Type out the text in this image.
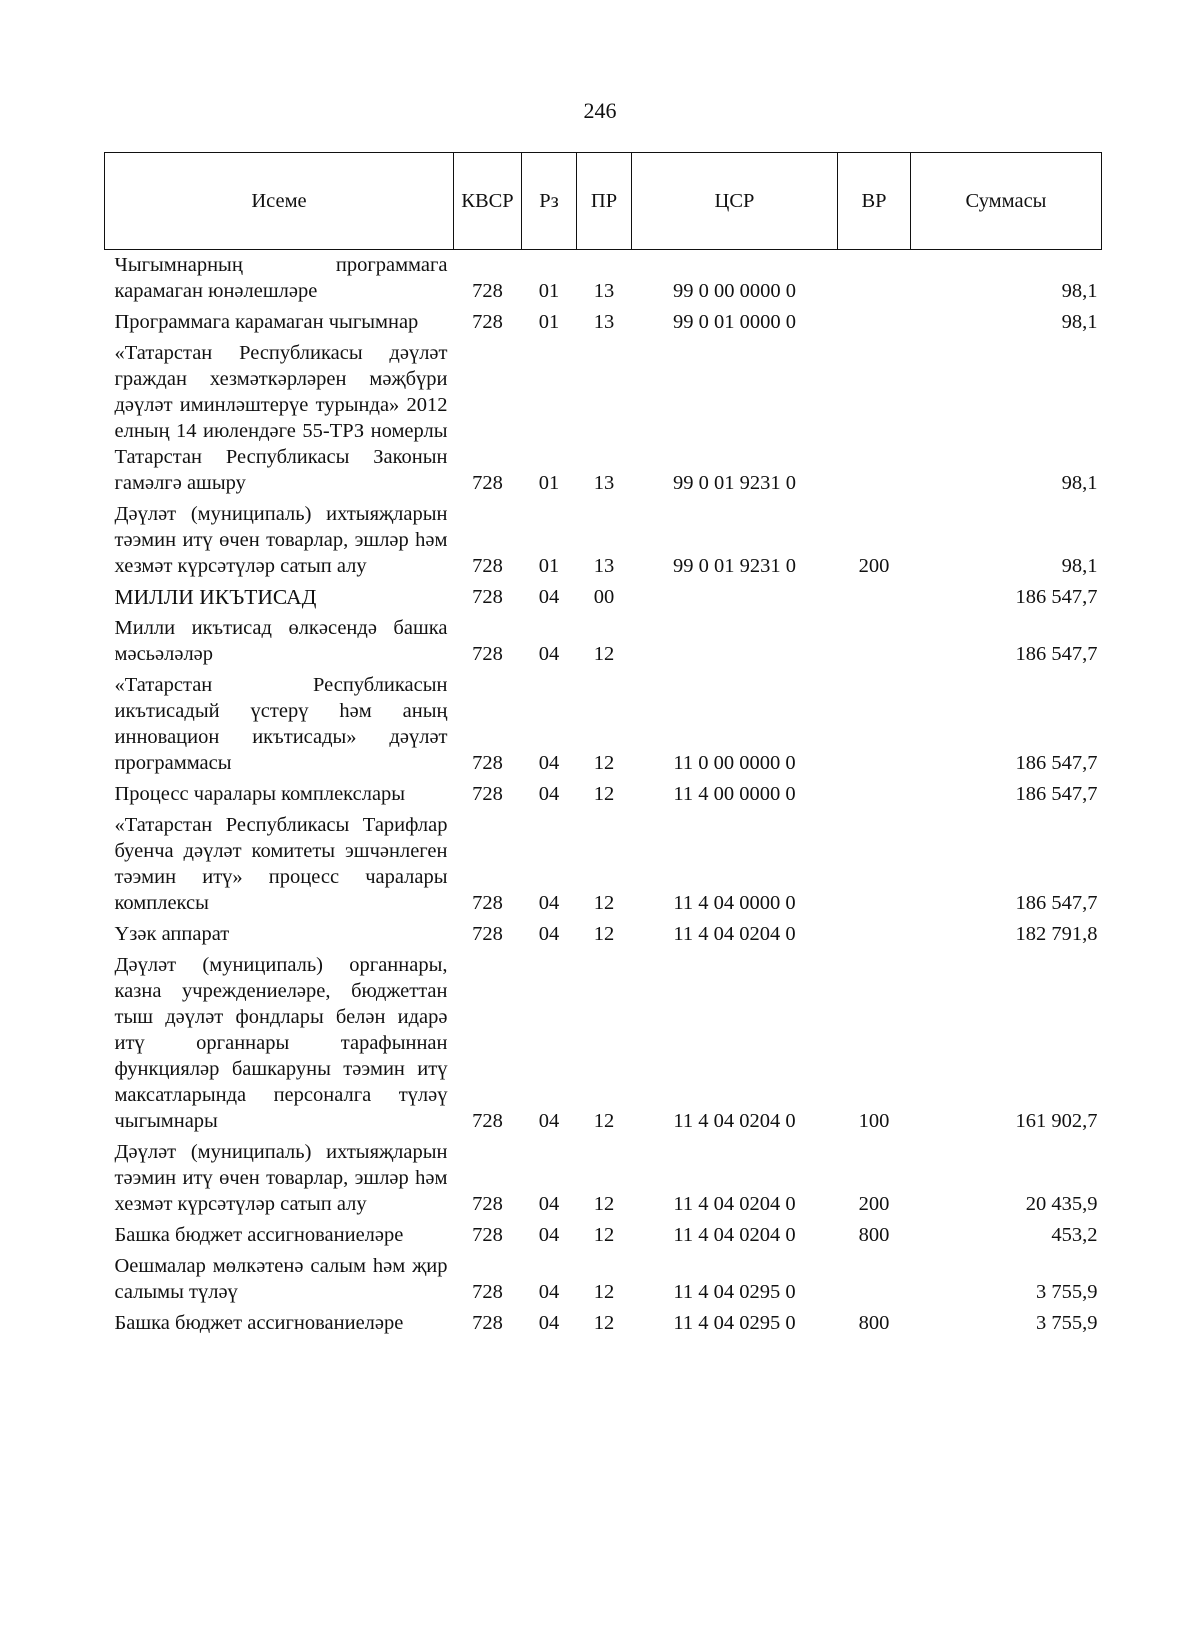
246
Исеме	КВСР	Рз	ПР	ЦСР	ВР	Суммасы
Чыгымнарның программага карамаган юнәлешләре	728	01	13	99 0 00 0000 0		98,1
Программага карамаган чыгымнар	728	01	13	99 0 01 0000 0		98,1
«Татарстан Республикасы дәүләт граждан хезмәткәрләрен мәҗбүри дәүләт иминләштерүе турында» 2012 елның 14 июлендәге 55-ТРЗ номерлы Татарстан Республикасы Законын гамәлгә ашыру	728	01	13	99 0 01 9231 0		98,1
Дәүләт (муниципаль) ихтыяҗларын тәэмин итү өчен товарлар, эшләр һәм хезмәт күрсәтүләр сатып алу	728	01	13	99 0 01 9231 0	200	98,1
МИЛЛИ ИКЪТИСАД	728	04	00			186 547,7
Милли икътисад өлкәсендә башка мәсьәләләр	728	04	12			186 547,7
«Татарстан Республикасын икътисадый үстерү һәм аның инновацион икътисады» дәүләт программасы	728	04	12	11 0 00 0000 0		186 547,7
Процесс чаралары комплекслары	728	04	12	11 4 00 0000 0		186 547,7
«Татарстан Республикасы Тарифлар буенча дәүләт комитеты эшчәнлеген тәэмин итү» процесс чаралары комплексы	728	04	12	11 4 04 0000 0		186 547,7
Үзәк аппарат	728	04	12	11 4 04 0204 0		182 791,8
Дәүләт (муниципаль) органнары, казна учреждениеләре, бюджеттан тыш дәүләт фондлары белән идарә итү органнары тарафыннан функцияләр башкаруны тәэмин итү максатларында персоналга түләү чыгымнары	728	04	12	11 4 04 0204 0	100	161 902,7
Дәүләт (муниципаль) ихтыяҗларын тәэмин итү өчен товарлар, эшләр һәм хезмәт күрсәтүләр сатып алу	728	04	12	11 4 04 0204 0	200	20 435,9
Башка бюджет ассигнованиеләре	728	04	12	11 4 04 0204 0	800	453,2
Оешмалар мөлкәтенә салым һәм җир салымы түләү	728	04	12	11 4 04 0295 0		3 755,9
Башка бюджет ассигнованиеләре	728	04	12	11 4 04 0295 0	800	3 755,9
